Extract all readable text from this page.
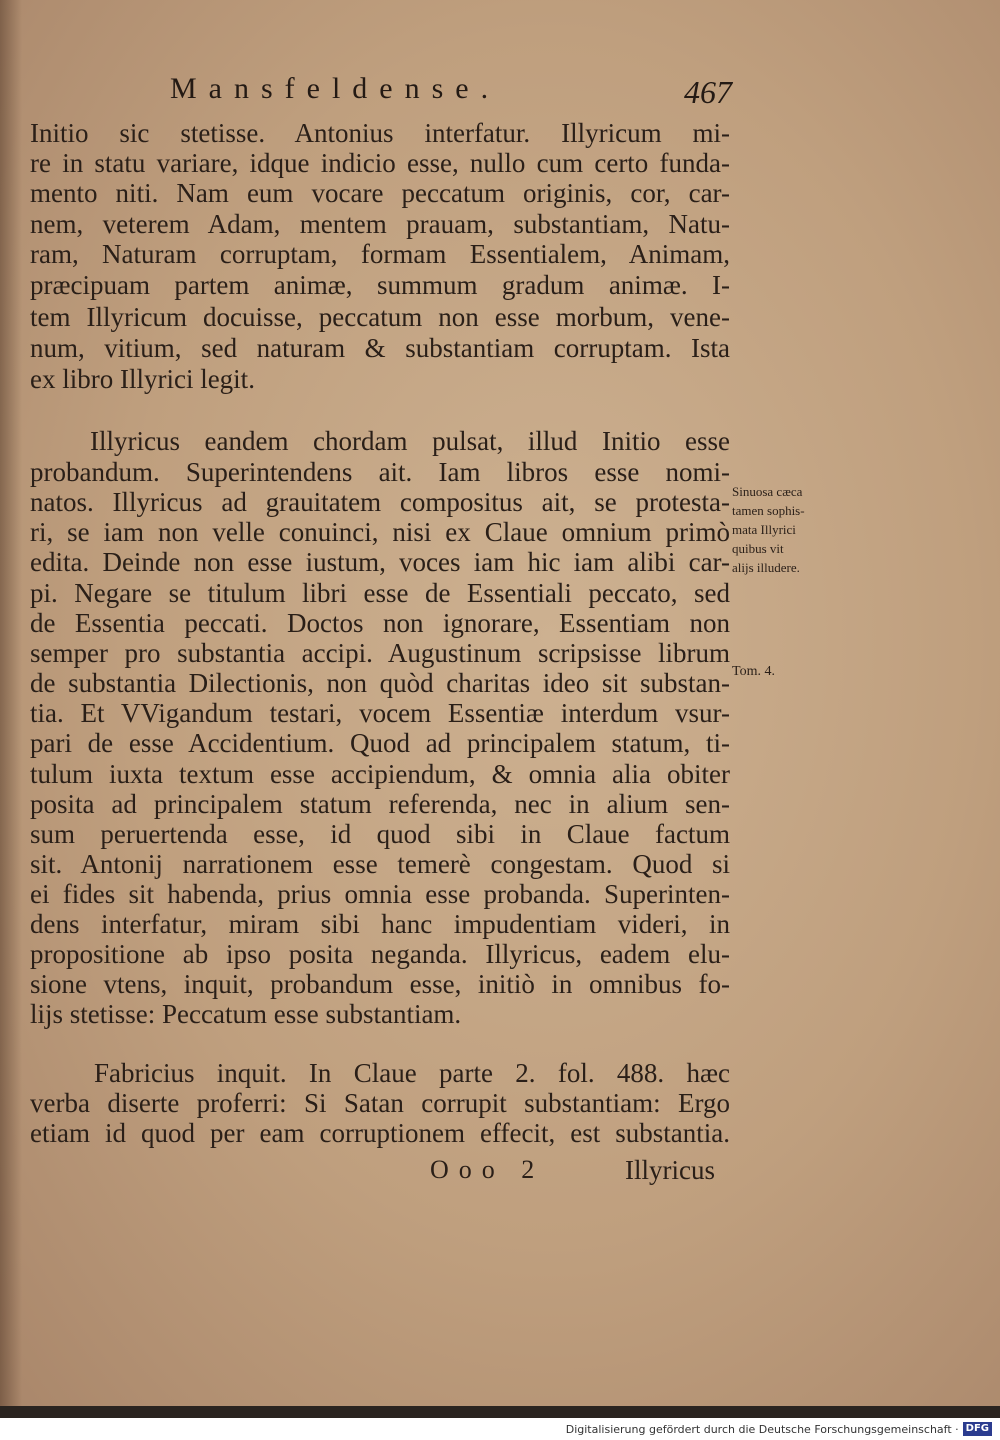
Mansfeldense.	467
Initio sic stetisse. Antonius interfatur. Illyricum mi-
re in statu variare, idque indicio esse, nullo cum certo funda-
mento niti. Nam eum vocare peccatum originis, cor, car-
nem, veterem Adam, mentem prauam, substantiam, Natu-
ram, Naturam corruptam, formam Essentialem, Animam,
præcipuam partem animæ, summum gradum animæ. I-
tem Illyricum docuisse, peccatum non esse morbum, vene-
num, vitium, sed naturam & substantiam corruptam. Ista
ex libro Illyrici legit.
Illyricus eandem chordam pulsat, illud Initio esse
probandum. Superintendens ait. Iam libros esse nomi-
natos. Illyricus ad grauitatem compositus ait, se protesta-
ri, se iam non velle conuinci, nisi ex Claue omnium primò
edita. Deinde non esse iustum, voces iam hic iam alibi car-
pi. Negare se titulum libri esse de Essentiali peccato, sed
de Essentia peccati. Doctos non ignorare, Essentiam non
semper pro substantia accipi. Augustinum scripsisse librum
de substantia Dilectionis, non quòd charitas ideo sit substan-
tia. Et VVigandum testari, vocem Essentiæ interdum vsur-
pari de esse Accidentium. Quod ad principalem statum, ti-
tulum iuxta textum esse accipiendum, & omnia alia obiter
posita ad principalem statum referenda, nec in alium sen-
sum peruertenda esse, id quod sibi in Claue factum
sit. Antonij narrationem esse temerè congestam. Quod si
ei fides sit habenda, prius omnia esse probanda. Superinten-
dens interfatur, miram sibi hanc impudentiam videri, in
propositione ab ipso posita neganda. Illyricus, eadem elu-
sione vtens, inquit, probandum esse, initiò in omnibus fo-
lijs stetisse: Peccatum esse substantiam.
Fabricius inquit. In Claue parte 2. fol. 488. hæc
verba diserte proferri: Si Satan corrupit substantiam: Ergo
etiam id quod per eam corruptionem effecit, est substantia.
Sinuosa cæca
tamen sophis-
mata Illyrici
quibus vit
alijs illudere.
Tom. 4.
Ooo 2	Illyricus
Digitalisierung gefördert durch die Deutsche Forschungsgemeinschaft · DFG
